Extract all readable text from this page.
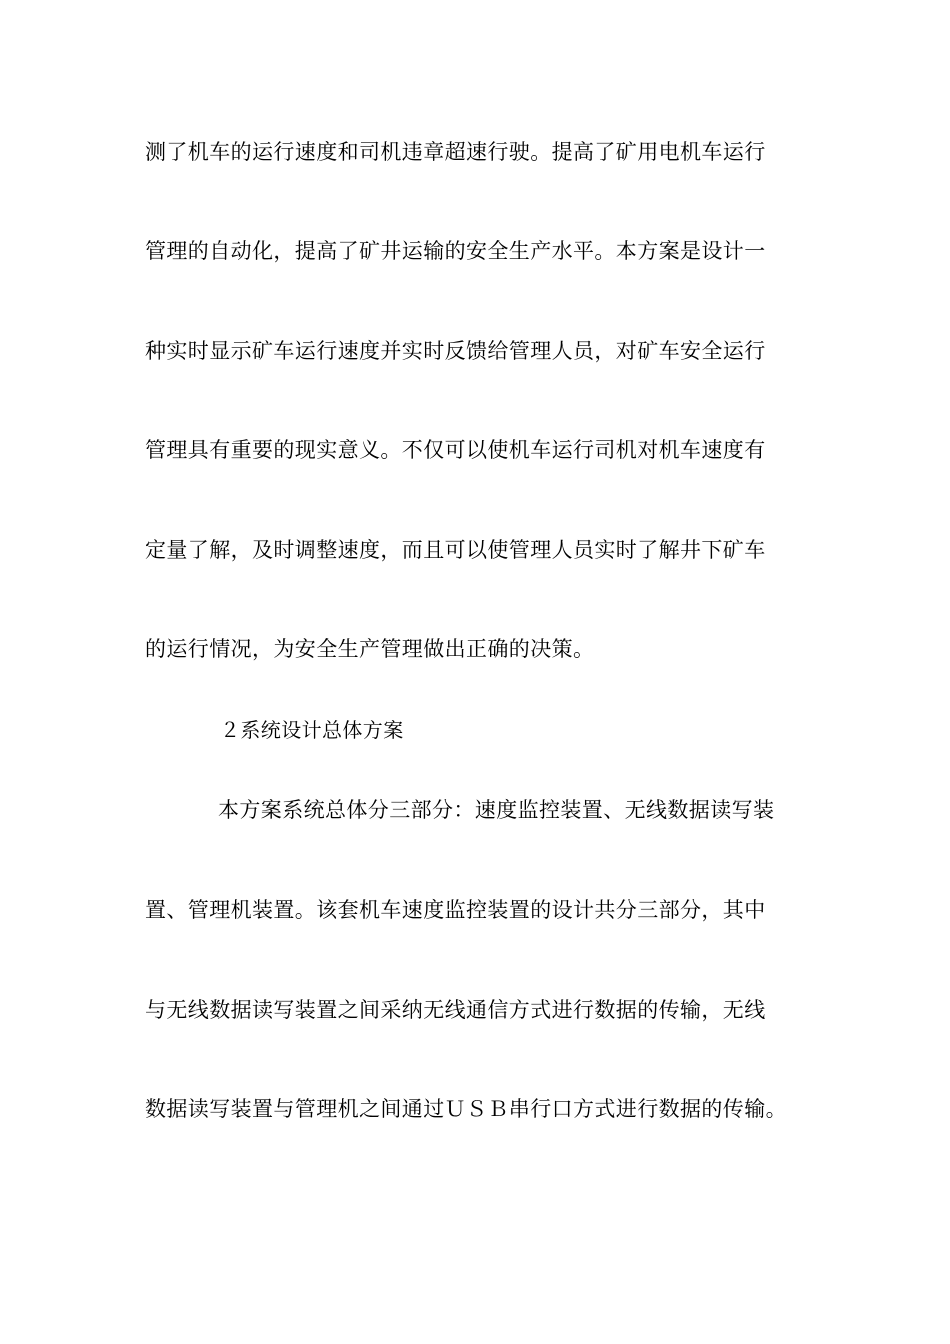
测了机车的运行速度和司机违章超速行驶。提高了矿用电机车运行
管理的自动化，提高了矿井运输的安全生产水平。本方案是设计一
种实时显示矿车运行速度并实时反馈给管理人员，对矿车安全运行
管理具有重要的现实意义。不仅可以使机车运行司机对机车速度有
定量了解，及时调整速度，而且可以使管理人员实时了解井下矿车
的运行情况，为安全生产管理做出正确的决策。
２系统设计总体方案
本方案系统总体分三部分：速度监控装置、无线数据读写装
置、管理机装置。该套机车速度监控装置的设计共分三部分，其中
与无线数据读写装置之间采纳无线通信方式进行数据的传输，无线
数据读写装置与管理机之间通过ＵＳＢ串行口方式进行数据的传输。
